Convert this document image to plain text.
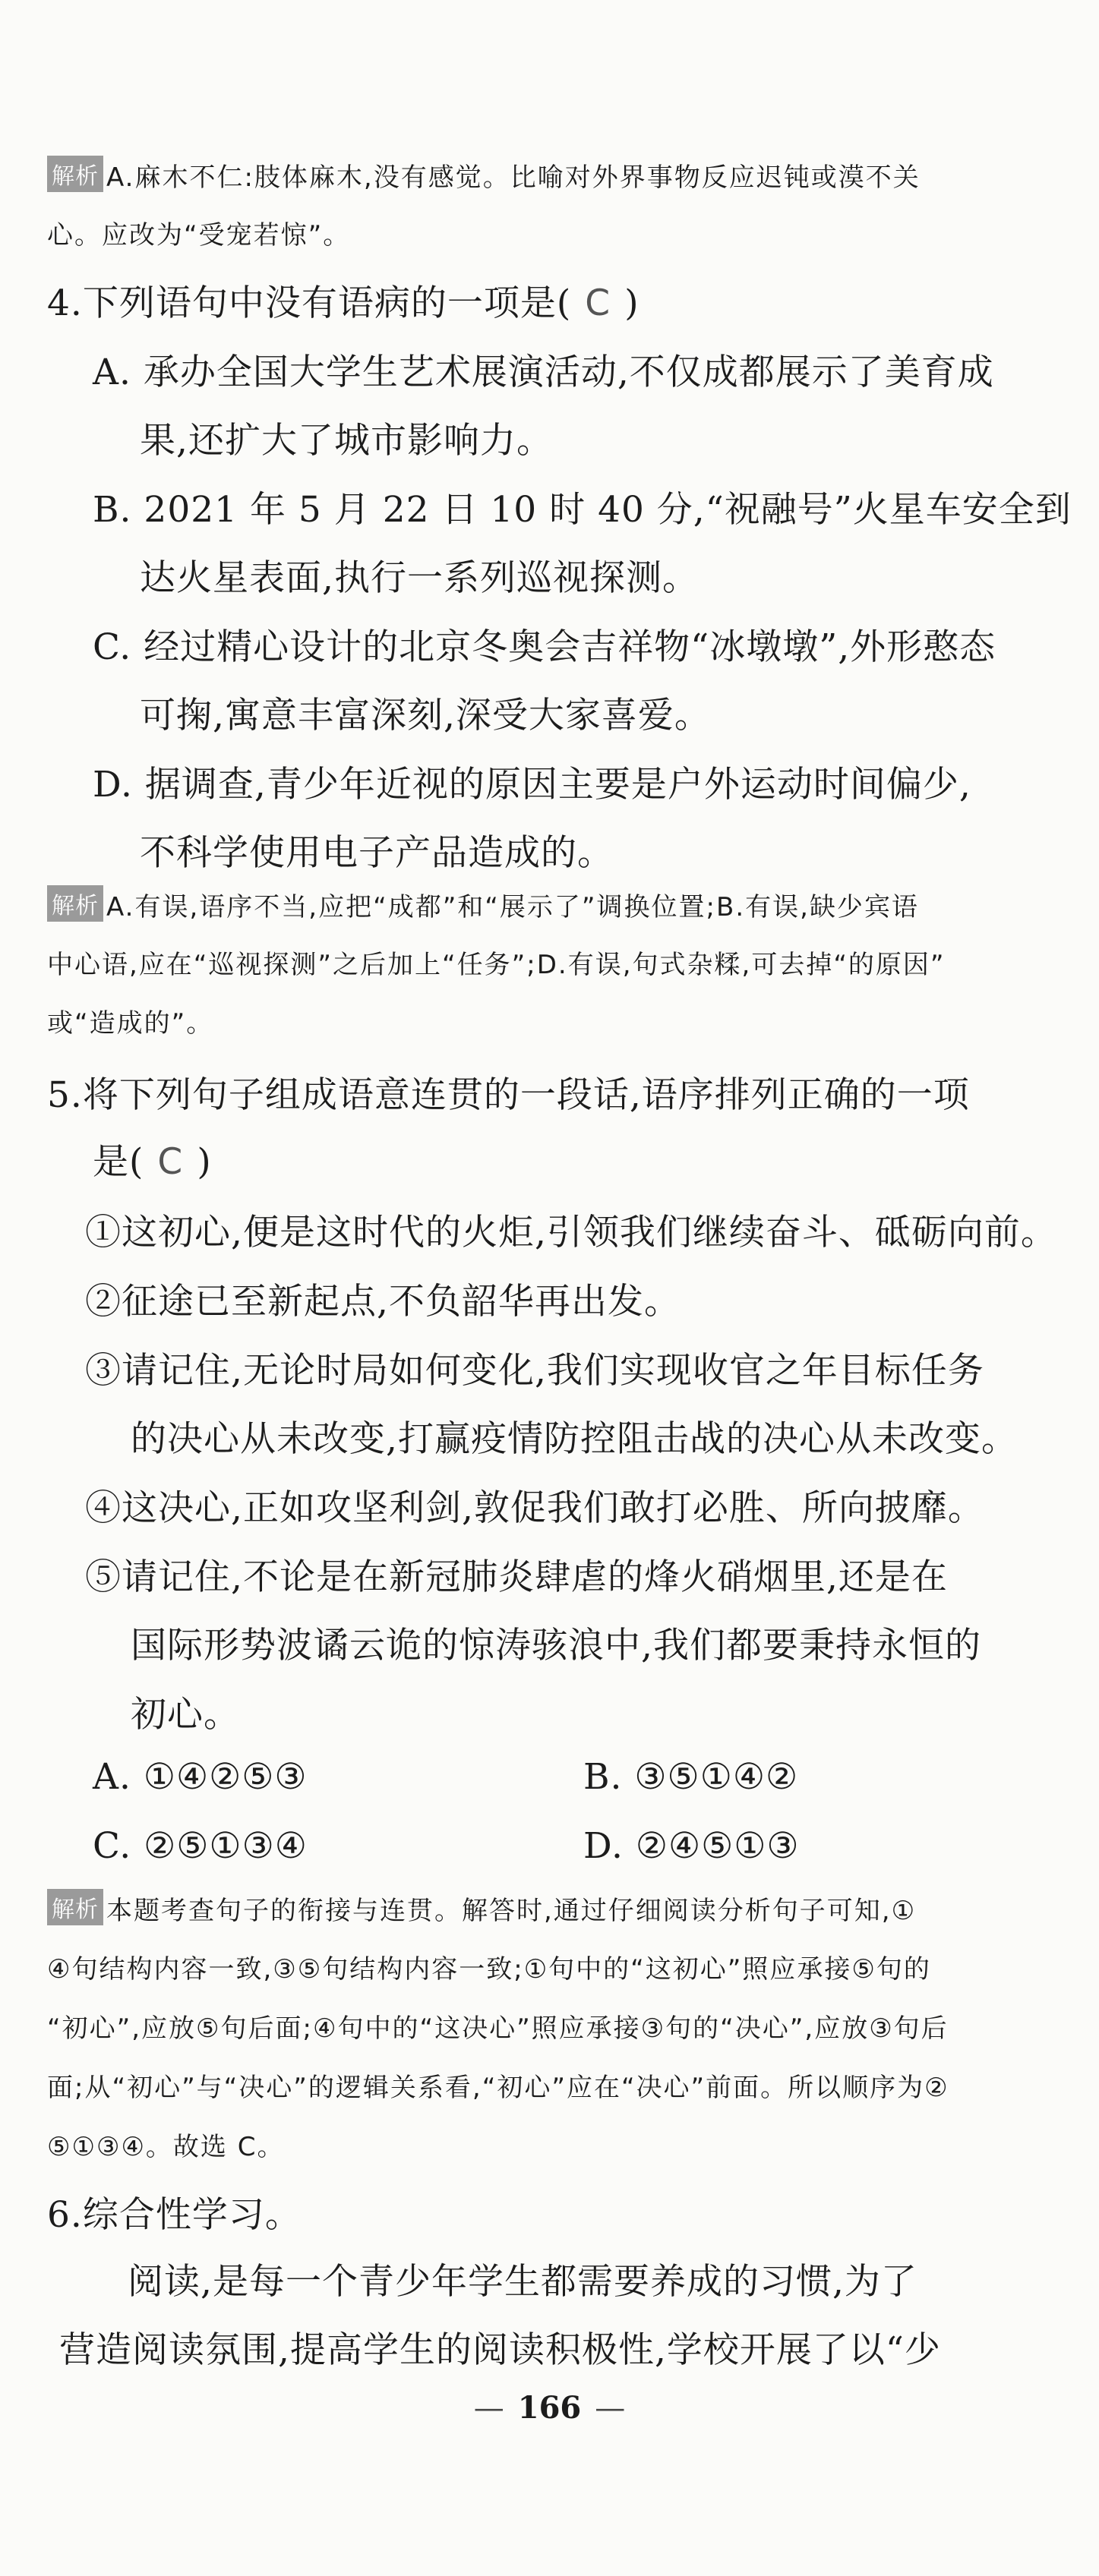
解析 A.麻木不仁:肢体麻木,没有感觉。比喻对外界事物反应迟钝或漠不关
心。应改为“受宠若惊”。
4.下列语句中没有语病的一项是( C )
A. 承办全国大学生艺术展演活动,不仅成都展示了美育成
果,还扩大了城市影响力。
B. 2021 年 5 月 22 日 10 时 40 分,“祝融号”火星车安全到
达火星表面,执行一系列巡视探测。
C. 经过精心设计的北京冬奥会吉祥物“冰墩墩”,外形憨态
可掬,寓意丰富深刻,深受大家喜爱。
D. 据调查,青少年近视的原因主要是户外运动时间偏少,
不科学使用电子产品造成的。
解析 A.有误,语序不当,应把“成都”和“展示了”调换位置;B.有误,缺少宾语
中心语,应在“巡视探测”之后加上“任务”;D.有误,句式杂糅,可去掉“的原因”
或“造成的”。
5.将下列句子组成语意连贯的一段话,语序排列正确的一项
是( C )
①这初心,便是这时代的火炬,引领我们继续奋斗、砥砺向前。
②征途已至新起点,不负韶华再出发。
③请记住,无论时局如何变化,我们实现收官之年目标任务
的决心从未改变,打赢疫情防控阻击战的决心从未改变。
④这决心,正如攻坚利剑,敦促我们敢打必胜、所向披靡。
⑤请记住,不论是在新冠肺炎肆虐的烽火硝烟里,还是在
国际形势波谲云诡的惊涛骇浪中,我们都要秉持永恒的
初心。
A. ①④②⑤③	B. ③⑤①④②
C. ②⑤①③④	D. ②④⑤①③
解析 本题考查句子的衔接与连贯。解答时,通过仔细阅读分析句子可知,①
④句结构内容一致,③⑤句结构内容一致;①句中的“这初心”照应承接⑤句的
“初心”,应放⑤句后面;④句中的“这决心”照应承接③句的“决心”,应放③句后
面;从“初心”与“决心”的逻辑关系看,“初心”应在“决心”前面。所以顺序为②
⑤①③④。故选 C。
6.综合性学习。
阅读,是每一个青少年学生都需要养成的习惯,为了
营造阅读氛围,提高学生的阅读积极性,学校开展了以“少
— 166 —
